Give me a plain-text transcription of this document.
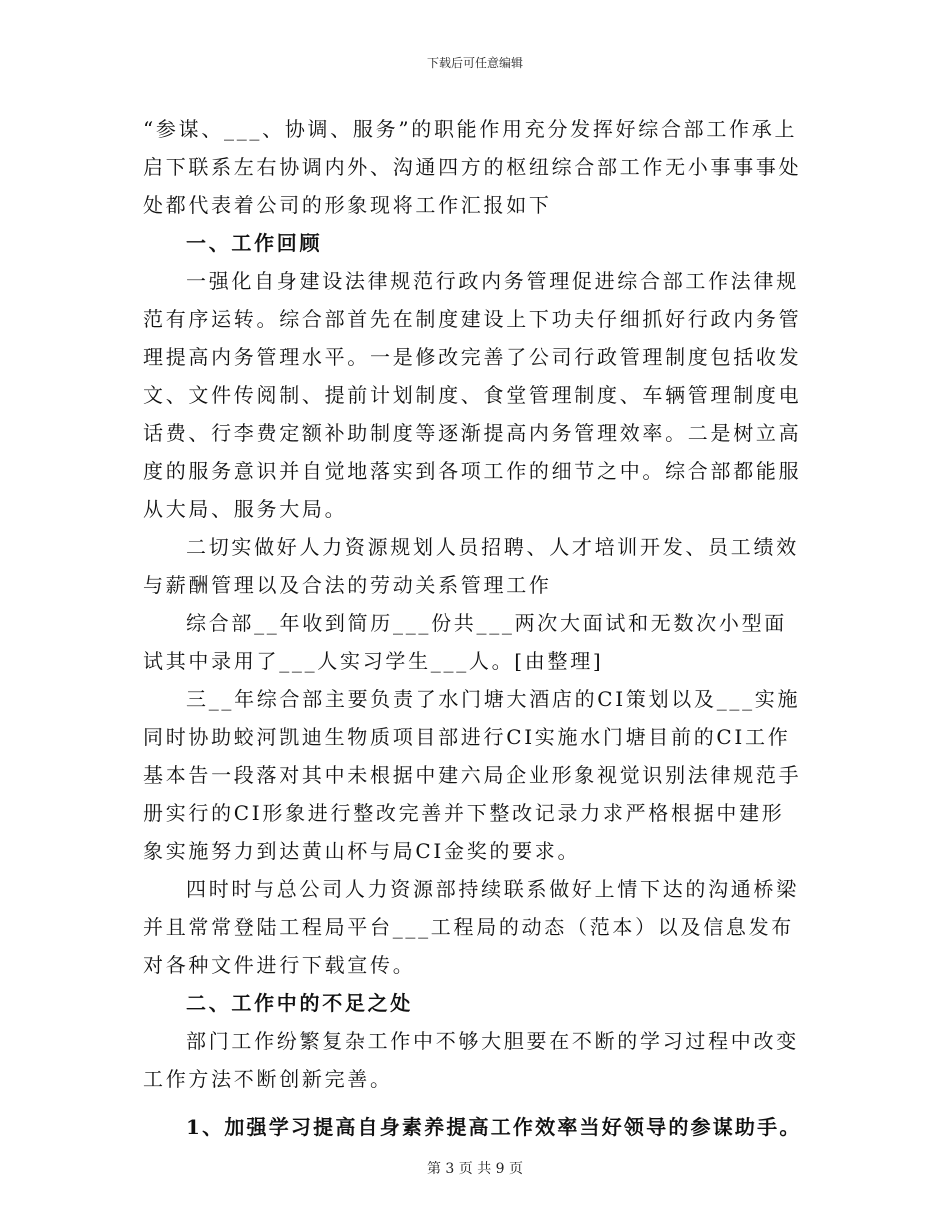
下载后可任意编辑

“参谋、___、协调、服务”的职能作用充分发挥好综合部工作承上启下联系左右协调内外、沟通四方的枢纽综合部工作无小事事事处处都代表着公司的形象现将工作汇报如下

一、工作回顾

一强化自身建设法律规范行政内务管理促进综合部工作法律规范有序运转。综合部首先在制度建设上下功夫仔细抓好行政内务管理提高内务管理水平。一是修改完善了公司行政管理制度包括收发文、文件传阅制、提前计划制度、食堂管理制度、车辆管理制度电话费、行李费定额补助制度等逐渐提高内务管理效率。二是树立高度的服务意识并自觉地落实到各项工作的细节之中。综合部都能服从大局、服务大局。

二切实做好人力资源规划人员招聘、人才培训开发、员工绩效与薪酬管理以及合法的劳动关系管理工作

综合部__年收到简历___份共___两次大面试和无数次小型面试其中录用了___人实习学生___人。[由整理]

三__年综合部主要负责了水门塘大酒店的CI策划以及___实施同时协助蛟河凯迪生物质项目部进行CI实施水门塘目前的CI工作基本告一段落对其中未根据中建六局企业形象视觉识别法律规范手册实行的CI形象进行整改完善并下整改记录力求严格根据中建形象实施努力到达黄山杯与局CI金奖的要求。

四时时与总公司人力资源部持续联系做好上情下达的沟通桥梁并且常常登陆工程局平台___工程局的动态（范本）以及信息发布对各种文件进行下载宣传。

二、工作中的不足之处

部门工作纷繁复杂工作中不够大胆要在不断的学习过程中改变工作方法不断创新完善。

1、加强学习提高自身素养提高工作效率当好领导的参谋助手。

第 3 页 共 9 页
